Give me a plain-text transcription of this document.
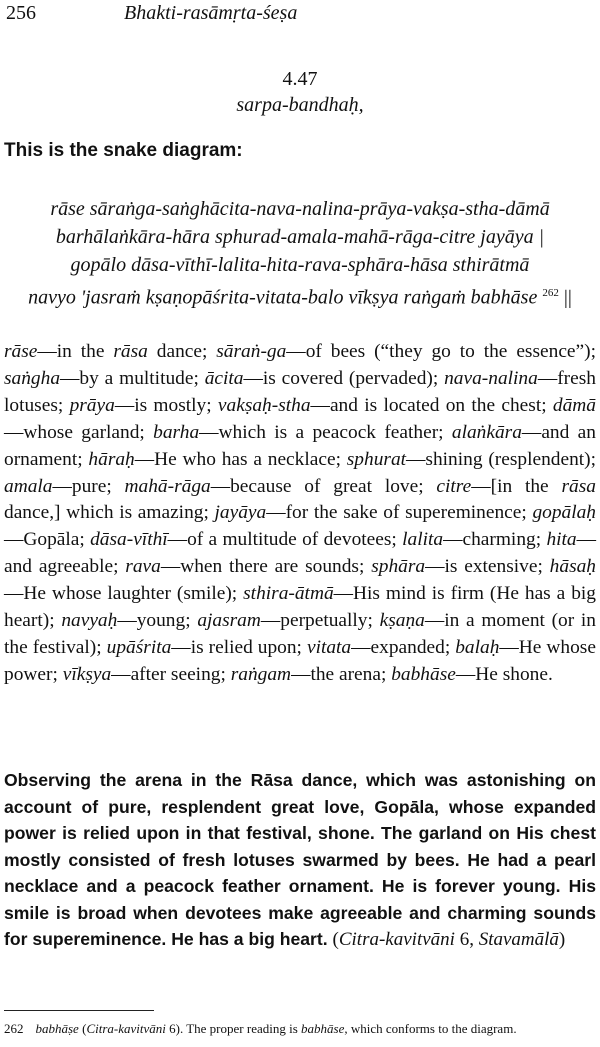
256	Bhakti-rasāmṛta-śeṣa
4.47
sarpa-bandhaḥ,
This is the snake diagram:
rāse sāraṅga-saṅghācita-nava-nalina-prāya-vakṣa-stha-dāmā
barhālaṅkāra-hāra sphurad-amala-mahā-rāga-citre jayāya |
gopālo dāsa-vīthī-lalita-hita-rava-sphāra-hāsa sthirātmā
navyo 'jasraṁ kṣaṇopāśrita-vitata-balo vīkṣya raṅgaṁ babhāse $^{262}$ ||

rāse—in the rāsa dance; sāraṅ-ga—of bees (“they go to the essence”); saṅgha—by a multitude; ācita—is covered (pervaded); nava-nalina—fresh lotuses; prāya—is mostly; vakṣaḥ-stha—and is located on the chest; dāmā—whose garland; barha—which is a peacock feather; alaṅkāra—and an ornament; hāraḥ—He who has a necklace; sphurat—shining (resplendent); amala—pure; mahā-rāga—because of great love; citre—[in the rāsa dance,] which is amazing; jayāya—for the sake of supereminence; gopālaḥ—Gopāla; dāsa-vīthī—of a multitude of devotees; lalita—charming; hita—and agreeable; rava—when there are sounds; sphāra—is extensive; hāsaḥ—He whose laughter (smile); sthira-ātmā—His mind is firm (He has a big heart); navyaḥ—young; ajasram—perpetually; kṣaṇa—in a moment (or in the festival); upāśrita—is relied upon; vitata—expanded; balaḥ—He whose power; vīkṣya—after seeing; raṅgam—the arena; babhāse—He shone.

Observing the arena in the Rāsa dance, which was astonishing on account of pure, resplendent great love, Gopāla, whose expanded power is relied upon in that festival, shone. The garland on His chest mostly consisted of fresh lotuses swarmed by bees. He had a pearl necklace and a peacock feather ornament. He is forever young. His smile is broad when devotees make agreeable and charming sounds for supereminence. He has a big heart. (Citra-kavitvāni 6, Stavamālā)
262 babhāṣe (Citra-kavitvāni 6). The proper reading is babhāse, which conforms to the diagram.
